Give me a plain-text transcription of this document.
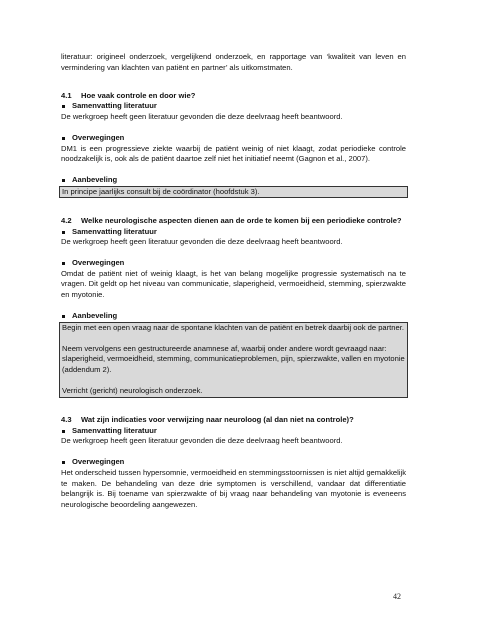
literatuur: origineel onderzoek, vergelijkend onderzoek, en rapportage van ‘kwaliteit van leven en vermindering van klachten van patiënt en partner’ als uitkomstmaten.

4.1	Hoe vaak controle en door wie?
Samenvatting literatuur

De werkgroep heeft geen literatuur gevonden die deze deelvraag heeft beantwoord.

Overwegingen

DM1 is een progressieve ziekte waarbij de patiënt weinig of niet klaagt, zodat periodieke controle noodzakelijk is, ook als de patiënt daartoe zelf niet het initiatief neemt (Gagnon et al., 2007).

Aanbeveling

In principe jaarlijks consult bij de coördinator (hoofdstuk 3).

4.2	Welke neurologische aspecten dienen aan de orde te komen bij een periodieke controle?
Samenvatting literatuur

De werkgroep heeft geen literatuur gevonden die deze deelvraag heeft beantwoord.

Overwegingen

Omdat de patiënt niet of weinig klaagt, is het van belang mogelijke progressie systematisch na te vragen. Dit geldt op het niveau van communicatie, slaperigheid, vermoeidheid, stemming, spierzwakte en myotonie.

Aanbeveling

Begin met een open vraag naar de spontane klachten van de patiënt en betrek daarbij ook de partner.

Neem vervolgens een gestructureerde anamnese af, waarbij onder andere wordt gevraagd naar: slaperigheid, vermoeidheid, stemming, communicatieproblemen, pijn, spierzwakte, vallen en myotonie (addendum 2).

Verricht (gericht) neurologisch onderzoek.

4.3	Wat zijn indicaties voor verwijzing naar neuroloog (al dan niet na controle)?
Samenvatting literatuur

De werkgroep heeft geen literatuur gevonden die deze deelvraag heeft beantwoord.

Overwegingen

Het onderscheid tussen hypersomnie, vermoeidheid en stemmingsstoornissen is niet altijd gemakkelijk te maken. De behandeling van deze drie symptomen is verschillend, vandaar dat differentiatie belangrijk is. Bij toename van spierzwakte of bij vraag naar behandeling van myotonie is eveneens neurologische beoordeling aangewezen.

42
